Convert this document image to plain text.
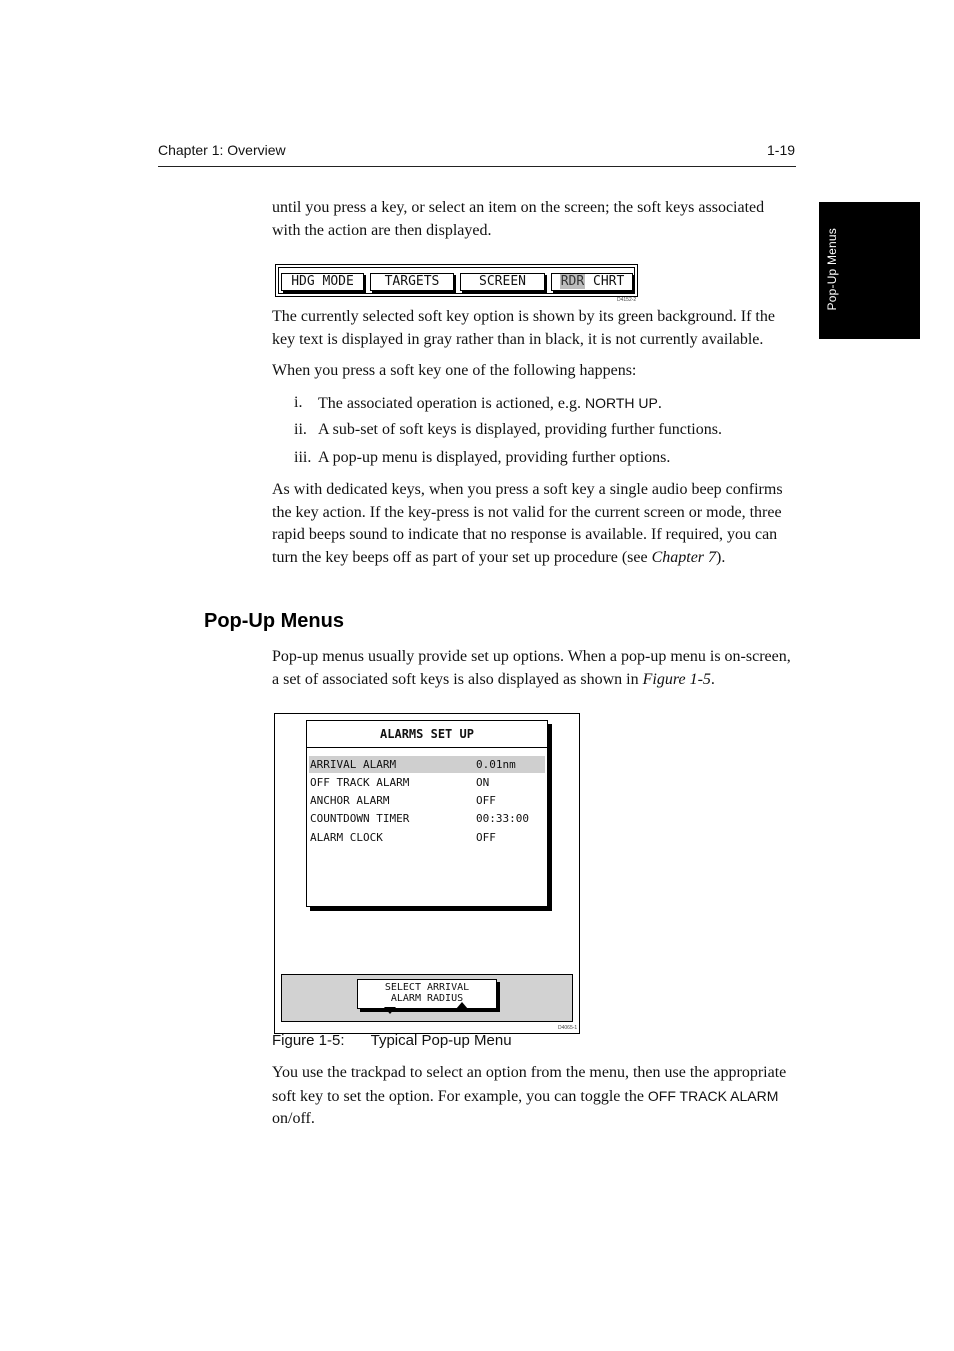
Chapter 1: Overview	1-19
Pop-Up Menus

until you press a key, or select an item on the screen; the soft keys associated with the action are then displayed.

HDG MODE	TARGETS	SCREEN	RDR CHRT
D4152-2

The currently selected soft key option is shown by its green background. If the key text is displayed in gray rather than in black, it is not currently available.

When you press a soft key one of the following happens:

i. The associated operation is actioned, e.g. NORTH UP.
ii. A sub-set of soft keys is displayed, providing further functions.
iii. A pop-up menu is displayed, providing further options.

As with dedicated keys, when you press a soft key a single audio beep confirms the key action. If the key-press is not valid for the current screen or mode, three rapid beeps sound to indicate that no response is available. If required, you can turn the key beeps off as part of your set up procedure (see Chapter 7).

Pop-Up Menus

Pop-up menus usually provide set up options. When a pop-up menu is on-screen, a set of associated soft keys is also displayed as shown in Figure 1-5.

ALARMS SET UP
ARRIVAL ALARM	0.01nm
OFF TRACK ALARM	ON
ANCHOR ALARM	OFF
COUNTDOWN TIMER	00:33:00
ALARM CLOCK	OFF
SELECT ARRIVAL
ALARM RADIUS
D4065-1
Figure 1-5: Typical Pop-up Menu

You use the trackpad to select an option from the menu, then use the appropriate soft key to set the option. For example, you can toggle the OFF TRACK ALARM on/off.
